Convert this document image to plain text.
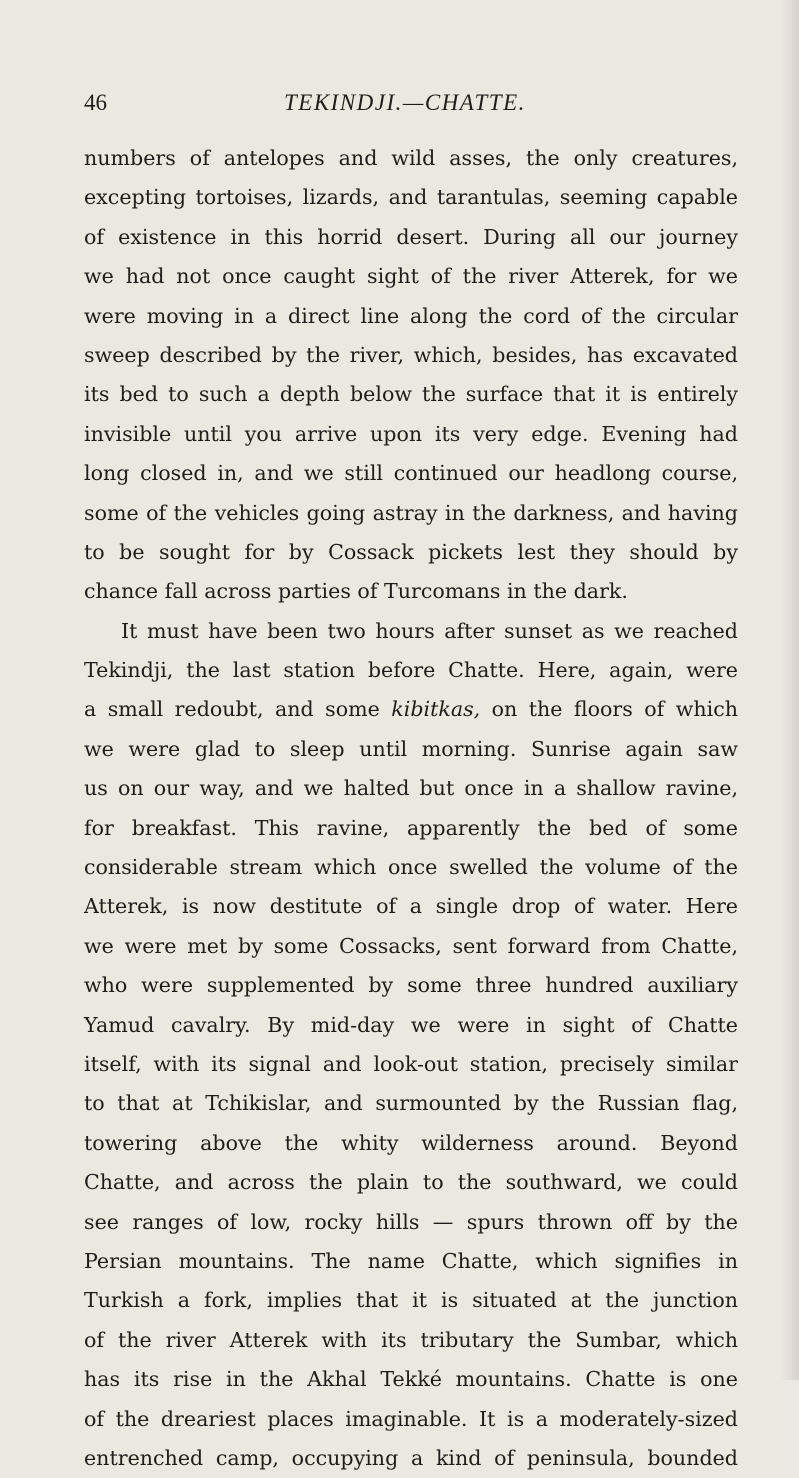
46	TEKINDJI.—CHATTE.
numbers of antelopes and wild asses, the only creatures,
excepting tortoises, lizards, and tarantulas, seeming capable
of existence in this horrid desert. During all our journey
we had not once caught sight of the river Atterek, for we
were moving in a direct line along the cord of the circular
sweep described by the river, which, besides, has excavated
its bed to such a depth below the surface that it is entirely
invisible until you arrive upon its very edge. Evening had
long closed in, and we still continued our headlong course,
some of the vehicles going astray in the darkness, and having
to be sought for by Cossack pickets lest they should by
chance fall across parties of Turcomans in the dark.
It must have been two hours after sunset as we reached
Tekindji, the last station before Chatte. Here, again, were
a small redoubt, and some kibitkas, on the floors of which
we were glad to sleep until morning. Sunrise again saw
us on our way, and we halted but once in a shallow ravine,
for breakfast. This ravine, apparently the bed of some
considerable stream which once swelled the volume of the
Atterek, is now destitute of a single drop of water. Here
we were met by some Cossacks, sent forward from Chatte,
who were supplemented by some three hundred auxiliary
Yamud cavalry. By mid-day we were in sight of Chatte
itself, with its signal and look-out station, precisely similar
to that at Tchikislar, and surmounted by the Russian flag,
towering above the whity wilderness around. Beyond
Chatte, and across the plain to the southward, we could
see ranges of low, rocky hills — spurs thrown off by the
Persian mountains. The name Chatte, which signifies in
Turkish a fork, implies that it is situated at the junction
of the river Atterek with its tributary the Sumbar, which
has its rise in the Akhal Tekké mountains. Chatte is one
of the dreariest places imaginable. It is a moderately-sized
entrenched camp, occupying a kind of peninsula, bounded
